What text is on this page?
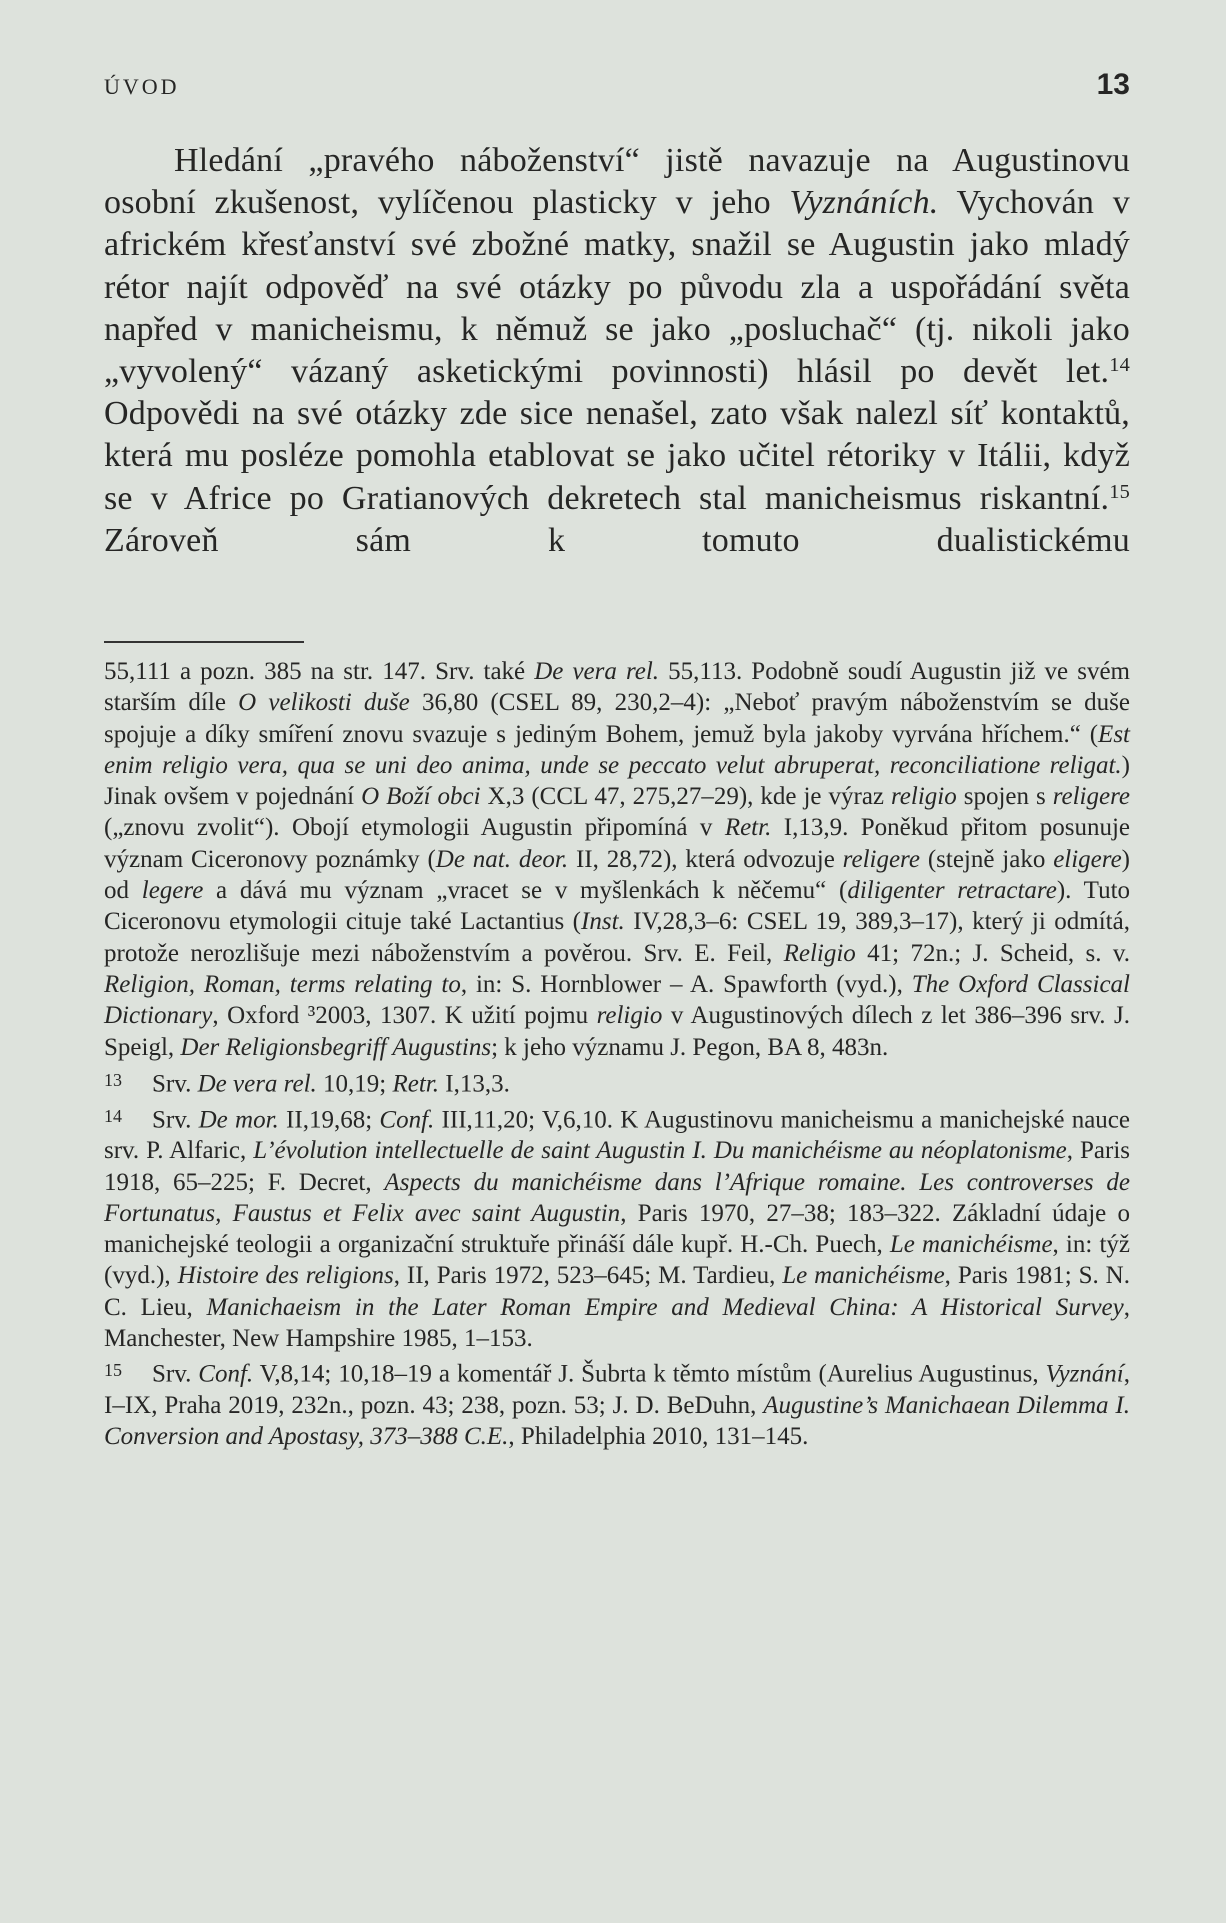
ÚVOD	13

Hledání „pravého náboženství“ jistě navazuje na Augustinovu osobní zkušenost, vylíčenou plasticky v jeho Vyznáních. Vychován v africkém křesťanství své zbožné matky, snažil se Augustin jako mladý rétor najít odpověď na své otázky po původu zla a uspořádání světa napřed v manicheismu, k němuž se jako „posluchač“ (tj. nikoli jako „vyvolený“ vázaný asketickými povinnosti) hlásil po devět let.$^{14}$ Odpovědi na své otázky zde sice nenašel, zato však nalezl síť kontaktů, která mu posléze pomohla etablovat se jako učitel rétoriky v Itálii, když se v Africe po Gratianových dekretech stal manicheismus riskantní.$^{15}$ Zároveň sám k tomuto dualistickému

55,111 a pozn. 385 na str. 147. Srv. také De vera rel. 55,113. Podobně soudí Augustin již ve svém starším díle O velikosti duše 36,80 (CSEL 89, 230,2–4): „Neboť pravým náboženstvím se duše spojuje a díky smíření znovu svazuje s jediným Bohem, jemuž byla jakoby vyrvána hříchem.“ (Est enim religio vera, qua se uni deo anima, unde se peccato velut abruperat, reconciliatione religat.) Jinak ovšem v pojednání O Boží obci X,3 (CCL 47, 275,27–29), kde je výraz religio spojen s religere („znovu zvolit“). Obojí etymologii Augustin připomíná v Retr. I,13,9. Poněkud přitom posunuje význam Ciceronovy poznámky (De nat. deor. II, 28,72), která odvozuje religere (stejně jako eligere) od legere a dává mu význam „vracet se v myšlenkách k něčemu“ (diligenter retractare). Tuto Ciceronovu etymologii cituje také Lactantius (Inst. IV,28,3–6: CSEL 19, 389,3–17), který ji odmítá, protože nerozlišuje mezi náboženstvím a pověrou. Srv. E. Feil, Religio 41; 72n.; J. Scheid, s. v. Religion, Roman, terms relating to, in: S. Hornblower – A. Spawforth (vyd.), The Oxford Classical Dictionary, Oxford ³2003, 1307. K užití pojmu religio v Augustinových dílech z let 386–396 srv. J. Speigl, Der Religionsbegriff Augustins; k jeho významu J. Pegon, BA 8, 483n.

13 Srv. De vera rel. 10,19; Retr. I,13,3.

14 Srv. De mor. II,19,68; Conf. III,11,20; V,6,10. K Augustinovu manicheismu a manichejské nauce srv. P. Alfaric, L’évolution intellectuelle de saint Augustin I. Du manichéisme au néoplatonisme, Paris 1918, 65–225; F. Decret, Aspects du manichéisme dans l’Afrique romaine. Les controverses de Fortunatus, Faustus et Felix avec saint Augustin, Paris 1970, 27–38; 183–322. Základní údaje o manichejské teologii a organizační struktuře přináší dále kupř. H.-Ch. Puech, Le manichéisme, in: týž (vyd.), Histoire des religions, II, Paris 1972, 523–645; M. Tardieu, Le manichéisme, Paris 1981; S. N. C. Lieu, Manichaeism in the Later Roman Empire and Medieval China: A Historical Survey, Manchester, New Hampshire 1985, 1–153.

15 Srv. Conf. V,8,14; 10,18–19 a komentář J. Šubrta k těmto místům (Aurelius Augustinus, Vyznání, I–IX, Praha 2019, 232n., pozn. 43; 238, pozn. 53; J. D. BeDuhn, Augustine’s Manichaean Dilemma I. Conversion and Apostasy, 373–388 C.E., Philadelphia 2010, 131–145.
